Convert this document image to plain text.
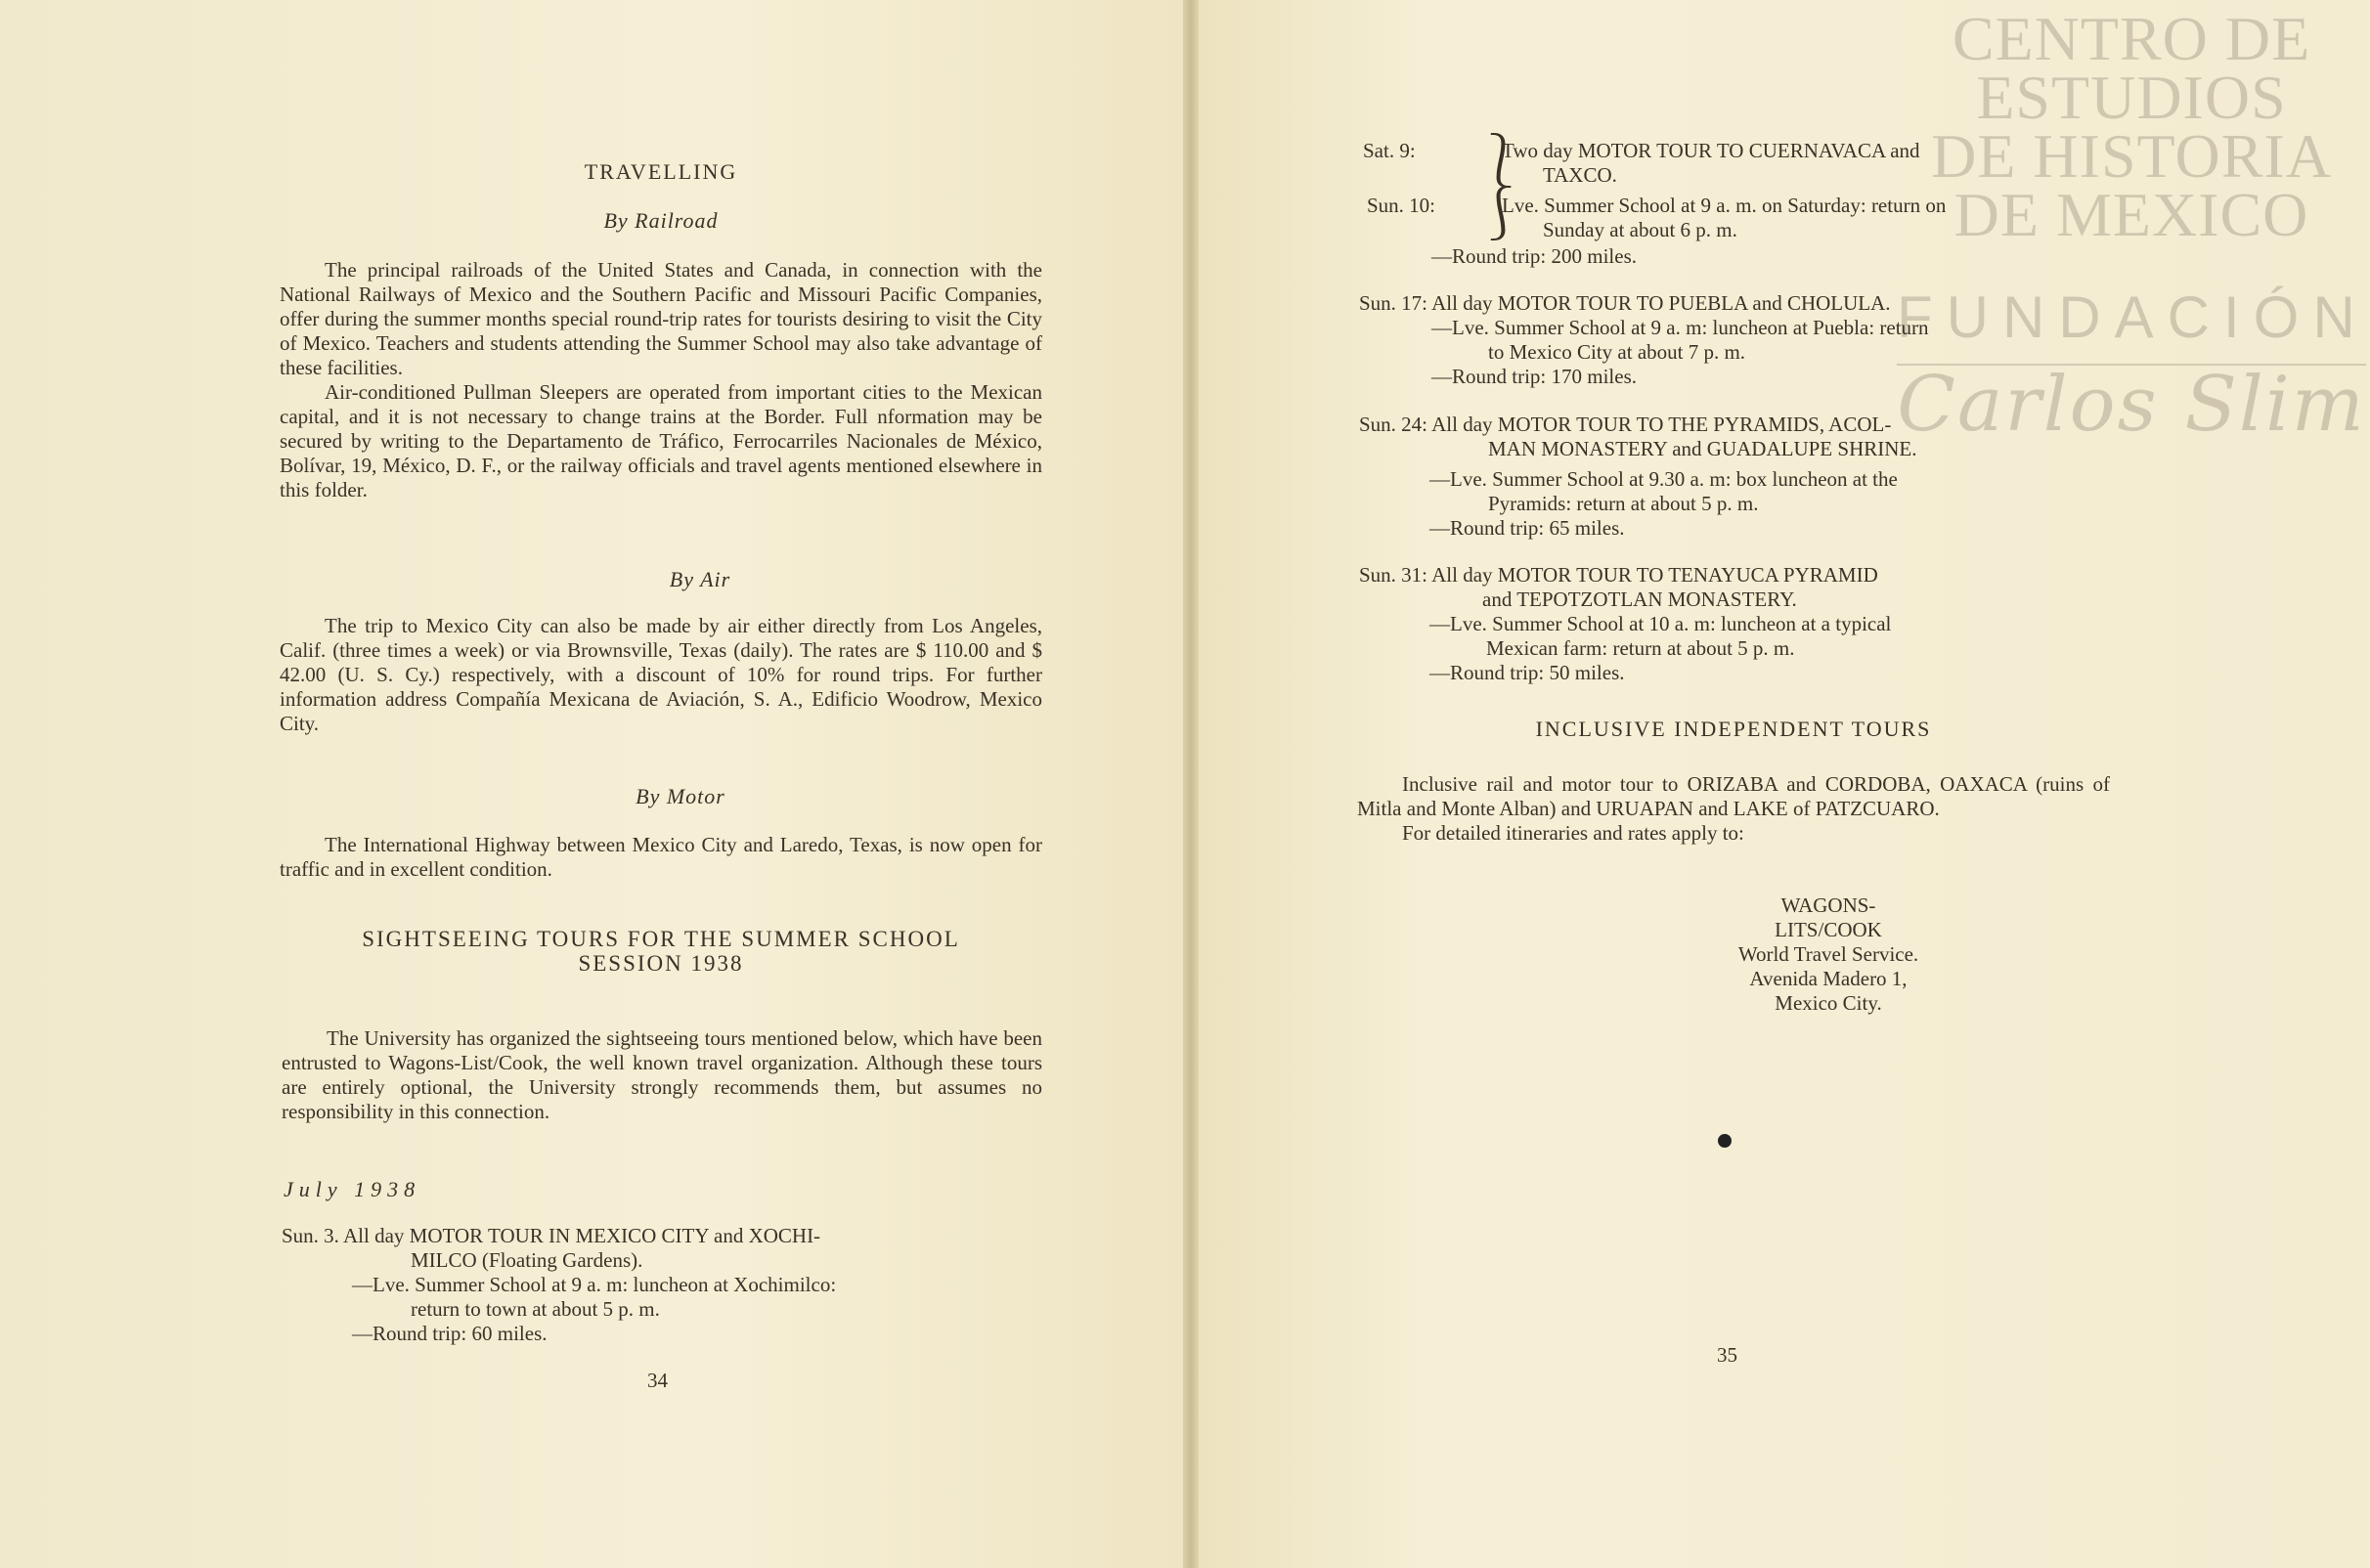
TRAVELLING
By Railroad

The principal railroads of the United States and Canada, in connection with the National Railways of Mexico and the Southern Pacific and Missouri Pacific Companies, offer during the summer months special round-trip rates for tourists desiring to visit the City of Mexico. Teachers and students attending the Summer School may also take advantage of these facilities.

Air-conditioned Pullman Sleepers are operated from important cities to the Mexican capital, and it is not necessary to change trains at the Border. Full nformation may be secured by writing to the Departamento de Tráfico, Ferrocarriles Nacionales de México, Bolívar, 19, México, D. F., or the railway officials and travel agents mentioned elsewhere in this folder.

By Air

The trip to Mexico City can also be made by air either directly from Los Angeles, Calif. (three times a week) or via Brownsville, Texas (daily). The rates are $ 110.00 and $ 42.00 (U. S. Cy.) respectively, with a discount of 10% for round trips. For further information address Compañía Mexicana de Aviación, S. A., Edificio Woodrow, Mexico City.

By Motor

The International Highway between Mexico City and Laredo, Texas, is now open for traffic and in excellent condition.

SIGHTSEEING TOURS FOR THE SUMMER SCHOOL
SESSION 1938

The University has organized the sightseeing tours mentioned below, which have been entrusted to Wagons-List/Cook, the well known travel organization. Although these tours are entirely optional, the University strongly recommends them, but assumes no responsibility in this connection.

July 1938
Sun. 3. All day MOTOR TOUR IN MEXICO CITY and XOCHI-
MILCO (Floating Gardens).
—Lve. Summer School at 9 a. m: luncheon at Xochimilco:
return to town at about 5 p. m.
—Round trip: 60 miles.
34
CENTRO DE
ESTUDIOS
DE HISTORIA
DE MEXICO
FUNDACIÓN
Carlos Slim
Sat. 9:
Sun. 10:
⎱
⎰
Two day MOTOR TOUR TO CUERNAVACA and
TAXCO.
Lve. Summer School at 9 a. m. on Saturday: return on
Sunday at about 6 p. m.
—Round trip: 200 miles.
Sun. 17: All day MOTOR TOUR TO PUEBLA and CHOLULA.
—Lve. Summer School at 9 a. m: luncheon at Puebla: return
to Mexico City at about 7 p. m.
—Round trip: 170 miles.
Sun. 24: All day MOTOR TOUR TO THE PYRAMIDS, ACOL-
MAN MONASTERY and GUADALUPE SHRINE.
—Lve. Summer School at 9.30 a. m: box luncheon at the
Pyramids: return at about 5 p. m.
—Round trip: 65 miles.
Sun. 31: All day MOTOR TOUR TO TENAYUCA PYRAMID
and TEPOTZOTLAN MONASTERY.
—Lve. Summer School at 10 a. m: luncheon at a typical
Mexican farm: return at about 5 p. m.
—Round trip: 50 miles.
INCLUSIVE INDEPENDENT TOURS

Inclusive rail and motor tour to ORIZABA and CORDOBA, OAXACA (ruins of Mitla and Monte Alban) and URUAPAN and LAKE of PATZCUARO.

For detailed itineraries and rates apply to:

WAGONS-LITS/COOK
World Travel Service.
Avenida Madero 1,
Mexico City.
35
